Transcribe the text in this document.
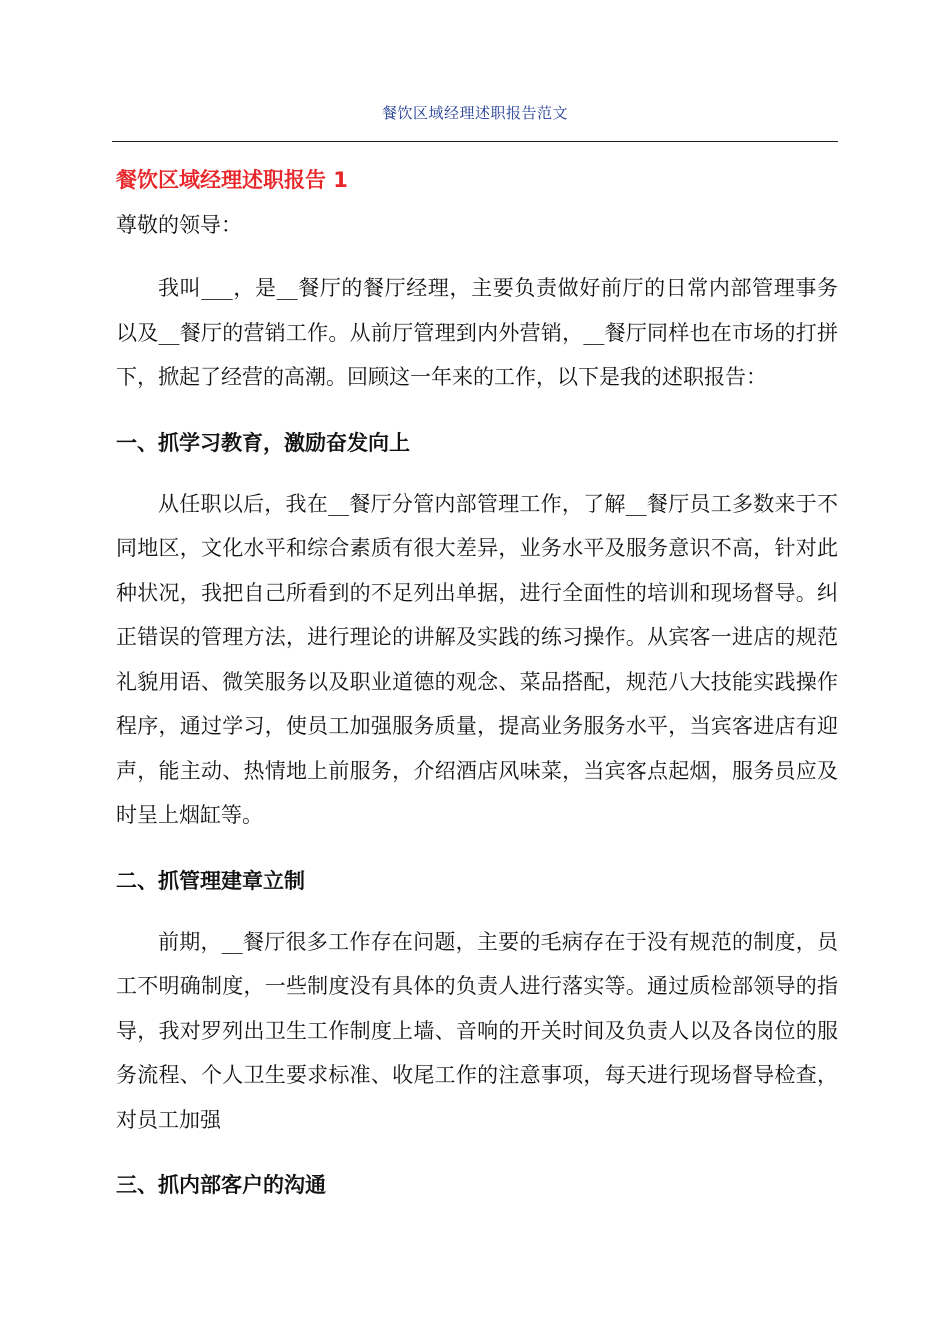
餐饮区域经理述职报告范文
餐饮区域经理述职报告 1

尊敬的领导：

我叫___，是__餐厅的餐厅经理，主要负责做好前厅的日常内部管理事务以及__餐厅的营销工作。从前厅管理到内外营销，__餐厅同样也在市场的打拼下，掀起了经营的高潮。回顾这一年来的工作，以下是我的述职报告：

一、抓学习教育，激励奋发向上

从任职以后，我在__餐厅分管内部管理工作，了解__餐厅员工多数来于不同地区，文化水平和综合素质有很大差异，业务水平及服务意识不高，针对此种状况，我把自己所看到的不足列出单据，进行全面性的培训和现场督导。纠正错误的管理方法，进行理论的讲解及实践的练习操作。从宾客一进店的规范礼貌用语、微笑服务以及职业道德的观念、菜品搭配，规范八大技能实践操作程序，通过学习，使员工加强服务质量，提高业务服务水平，当宾客进店有迎声，能主动、热情地上前服务，介绍酒店风味菜，当宾客点起烟，服务员应及时呈上烟缸等。

二、抓管理建章立制

前期，__餐厅很多工作存在问题，主要的毛病存在于没有规范的制度，员工不明确制度，一些制度没有具体的负责人进行落实等。通过质检部领导的指导，我对罗列出卫生工作制度上墙、音响的开关时间及负责人以及各岗位的服务流程、个人卫生要求标准、收尾工作的注意事项，每天进行现场督导检查，对员工加强

三、抓内部客户的沟通
